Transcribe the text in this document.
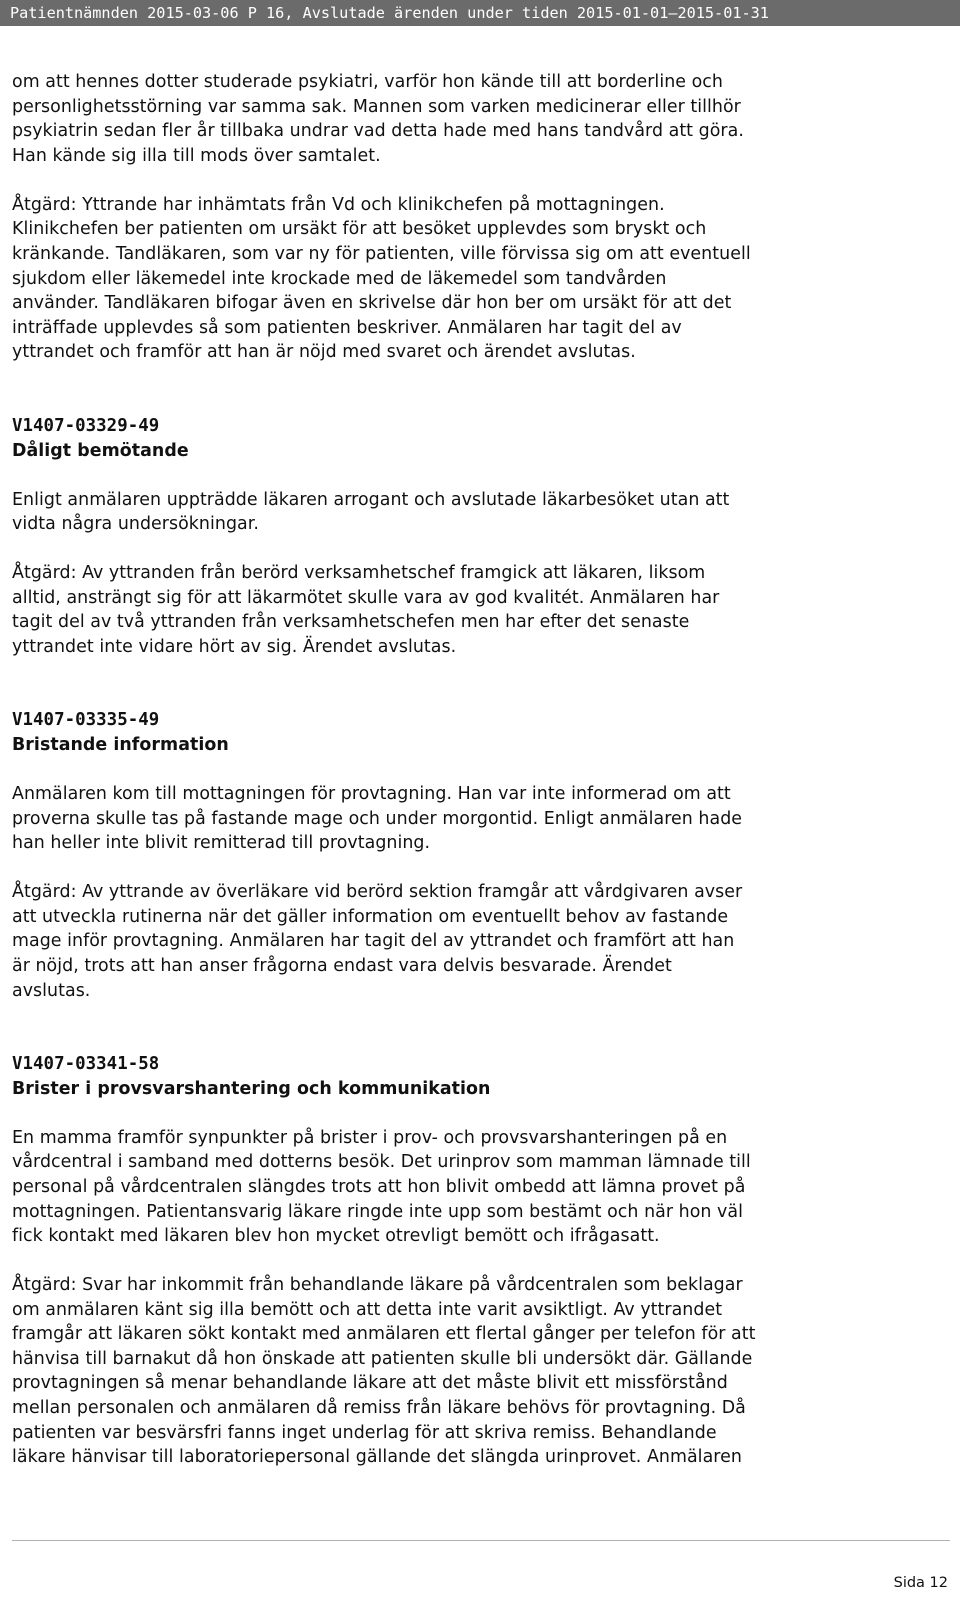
Patientnämnden 2015-03-06 P 16, Avslutade ärenden under tiden 2015-01-01—2015-01-31
om att hennes dotter studerade psykiatri, varför hon kände till att borderline och
personlighetsstörning var samma sak. Mannen som varken medicinerar eller tillhör
psykiatrin sedan fler år tillbaka undrar vad detta hade med hans tandvård att göra.
Han kände sig illa till mods över samtalet.
Åtgärd: Yttrande har inhämtats från Vd och klinikchefen på mottagningen.
Klinikchefen ber patienten om ursäkt för att besöket upplevdes som bryskt och
kränkande. Tandläkaren, som var ny för patienten, ville förvissa sig om att eventuell
sjukdom eller läkemedel inte krockade med de läkemedel som tandvården
använder. Tandläkaren bifogar även en skrivelse där hon ber om ursäkt för att det
inträffade upplevdes så som patienten beskriver. Anmälaren har tagit del av
yttrandet och framför att han är nöjd med svaret och ärendet avslutas.
V1407-03329-49
Dåligt bemötande
Enligt anmälaren uppträdde läkaren arrogant och avslutade läkarbesöket utan att
vidta några undersökningar.
Åtgärd: Av yttranden från berörd verksamhetschef framgick att läkaren, liksom
alltid, ansträngt sig för att läkarmötet skulle vara av god kvalitét. Anmälaren har
tagit del av två yttranden från verksamhetschefen men har efter det senaste
yttrandet inte vidare hört av sig. Ärendet avslutas.
V1407-03335-49
Bristande information
Anmälaren kom till mottagningen för provtagning. Han var inte informerad om att
proverna skulle tas på fastande mage och under morgontid. Enligt anmälaren hade
han heller inte blivit remitterad till provtagning.
Åtgärd: Av yttrande av överläkare vid berörd sektion framgår att vårdgivaren avser
att utveckla rutinerna när det gäller information om eventuellt behov av fastande
mage inför provtagning. Anmälaren har tagit del av yttrandet och framfört att han
är nöjd, trots att han anser frågorna endast vara delvis besvarade. Ärendet
avslutas.
V1407-03341-58
Brister i provsvarshantering och kommunikation
En mamma framför synpunkter på brister i prov- och provsvarshanteringen på en
vårdcentral i samband med dotterns besök. Det urinprov som mamman lämnade till
personal på vårdcentralen slängdes trots att hon blivit ombedd att lämna provet på
mottagningen. Patientansvarig läkare ringde inte upp som bestämt och när hon väl
fick kontakt med läkaren blev hon mycket otrevligt bemött och ifrågasatt.
Åtgärd: Svar har inkommit från behandlande läkare på vårdcentralen som beklagar
om anmälaren känt sig illa bemött och att detta inte varit avsiktligt. Av yttrandet
framgår att läkaren sökt kontakt med anmälaren ett flertal gånger per telefon för att
hänvisa till barnakut då hon önskade att patienten skulle bli undersökt där. Gällande
provtagningen så menar behandlande läkare att det måste blivit ett missförstånd
mellan personalen och anmälaren då remiss från läkare behövs för provtagning. Då
patienten var besvärsfri fanns inget underlag för att skriva remiss. Behandlande
läkare hänvisar till laboratoriepersonal gällande det slängda urinprovet. Anmälaren
Sida 12
